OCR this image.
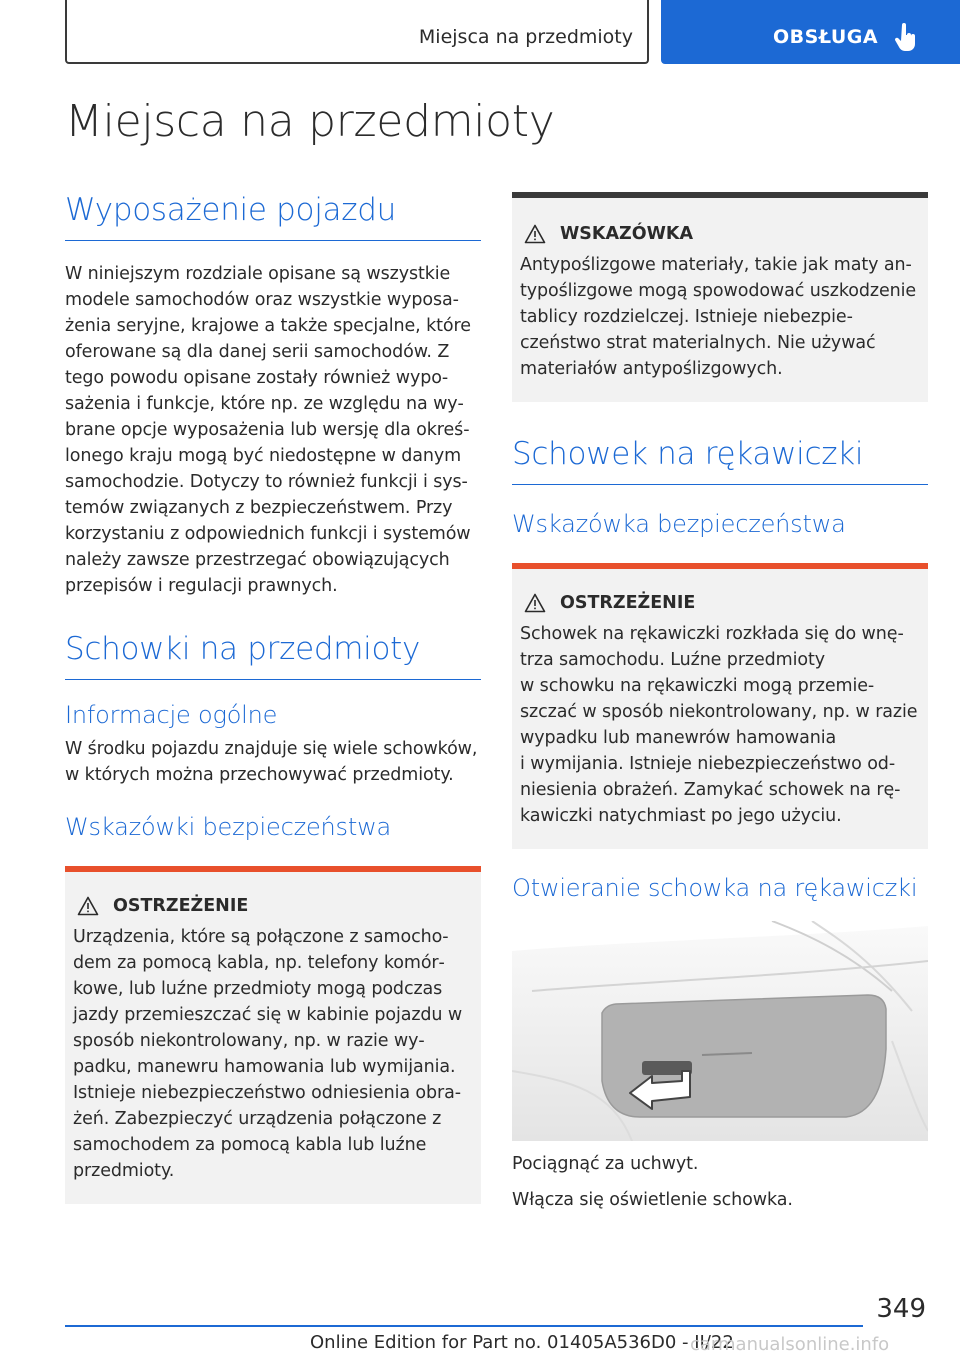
Miejsca na przedmioty	OBSŁUGA
Miejsca na przedmioty
Wyposażenie pojazdu

W niniejszym rozdziale opisane są wszystkie modele samochodów oraz wszystkie wyposażenia seryjne, krajowe a także specjalne, które oferowane są dla danej serii samochodów. Z tego powodu opisane zostały również wyposażenia i funkcje, które np. ze względu na wybrane opcje wyposażenia lub wersję dla określonego kraju mogą być niedostępne w danym samochodzie. Dotyczy to również funkcji i systemów związanych z bezpieczeństwem. Przy korzystaniu z odpowiednich funkcji i systemów należy zawsze przestrzegać obowiązujących przepisów i regulacji prawnych.

Schowki na przedmioty
Informacje ogólne

W środku pojazdu znajduje się wiele schowków, w których można przechowywać przedmioty.

Wskazówki bezpieczeństwa
OSTRZEŻENIE

Urządzenia, które są połączone z samochodem za pomocą kabla, np. telefony komórkowe, lub luźne przedmioty mogą podczas jazdy przemieszczać się w kabinie pojazdu w sposób niekontrolowany, np. w razie wypadku, manewru hamowania lub wymijania. Istnieje niebezpieczeństwo odniesienia obrażeń. Zabezpieczyć urządzenia połączone z samochodem za pomocą kabla lub luźne przedmioty.

WSKAZÓWKA

Antypoślizgowe materiały, takie jak maty antypoślizgowe mogą spowodować uszkodzenie tablicy rozdzielczej. Istnieje niebezpieczeństwo strat materialnych. Nie używać materiałów antypoślizgowych.

Schowek na rękawiczki
Wskazówka bezpieczeństwa
OSTRZEŻENIE

Schowek na rękawiczki rozkłada się do wnętrza samochodu. Luźne przedmioty
w schowku na rękawiczki mogą przemieszczać w sposób niekontrolowany, np. w razie wypadku lub manewrów hamowania
i wymijania. Istnieje niebezpieczeństwo odniesienia obrażeń. Zamykać schowek na rękawiczki natychmiast po jego użyciu.

Otwieranie schowka na rękawiczki

Pociągnąć za uchwyt.

Włącza się oświetlenie schowka.

349
Online Edition for Part no. 01405A536D0 - II/22
carmanualsonline.info
